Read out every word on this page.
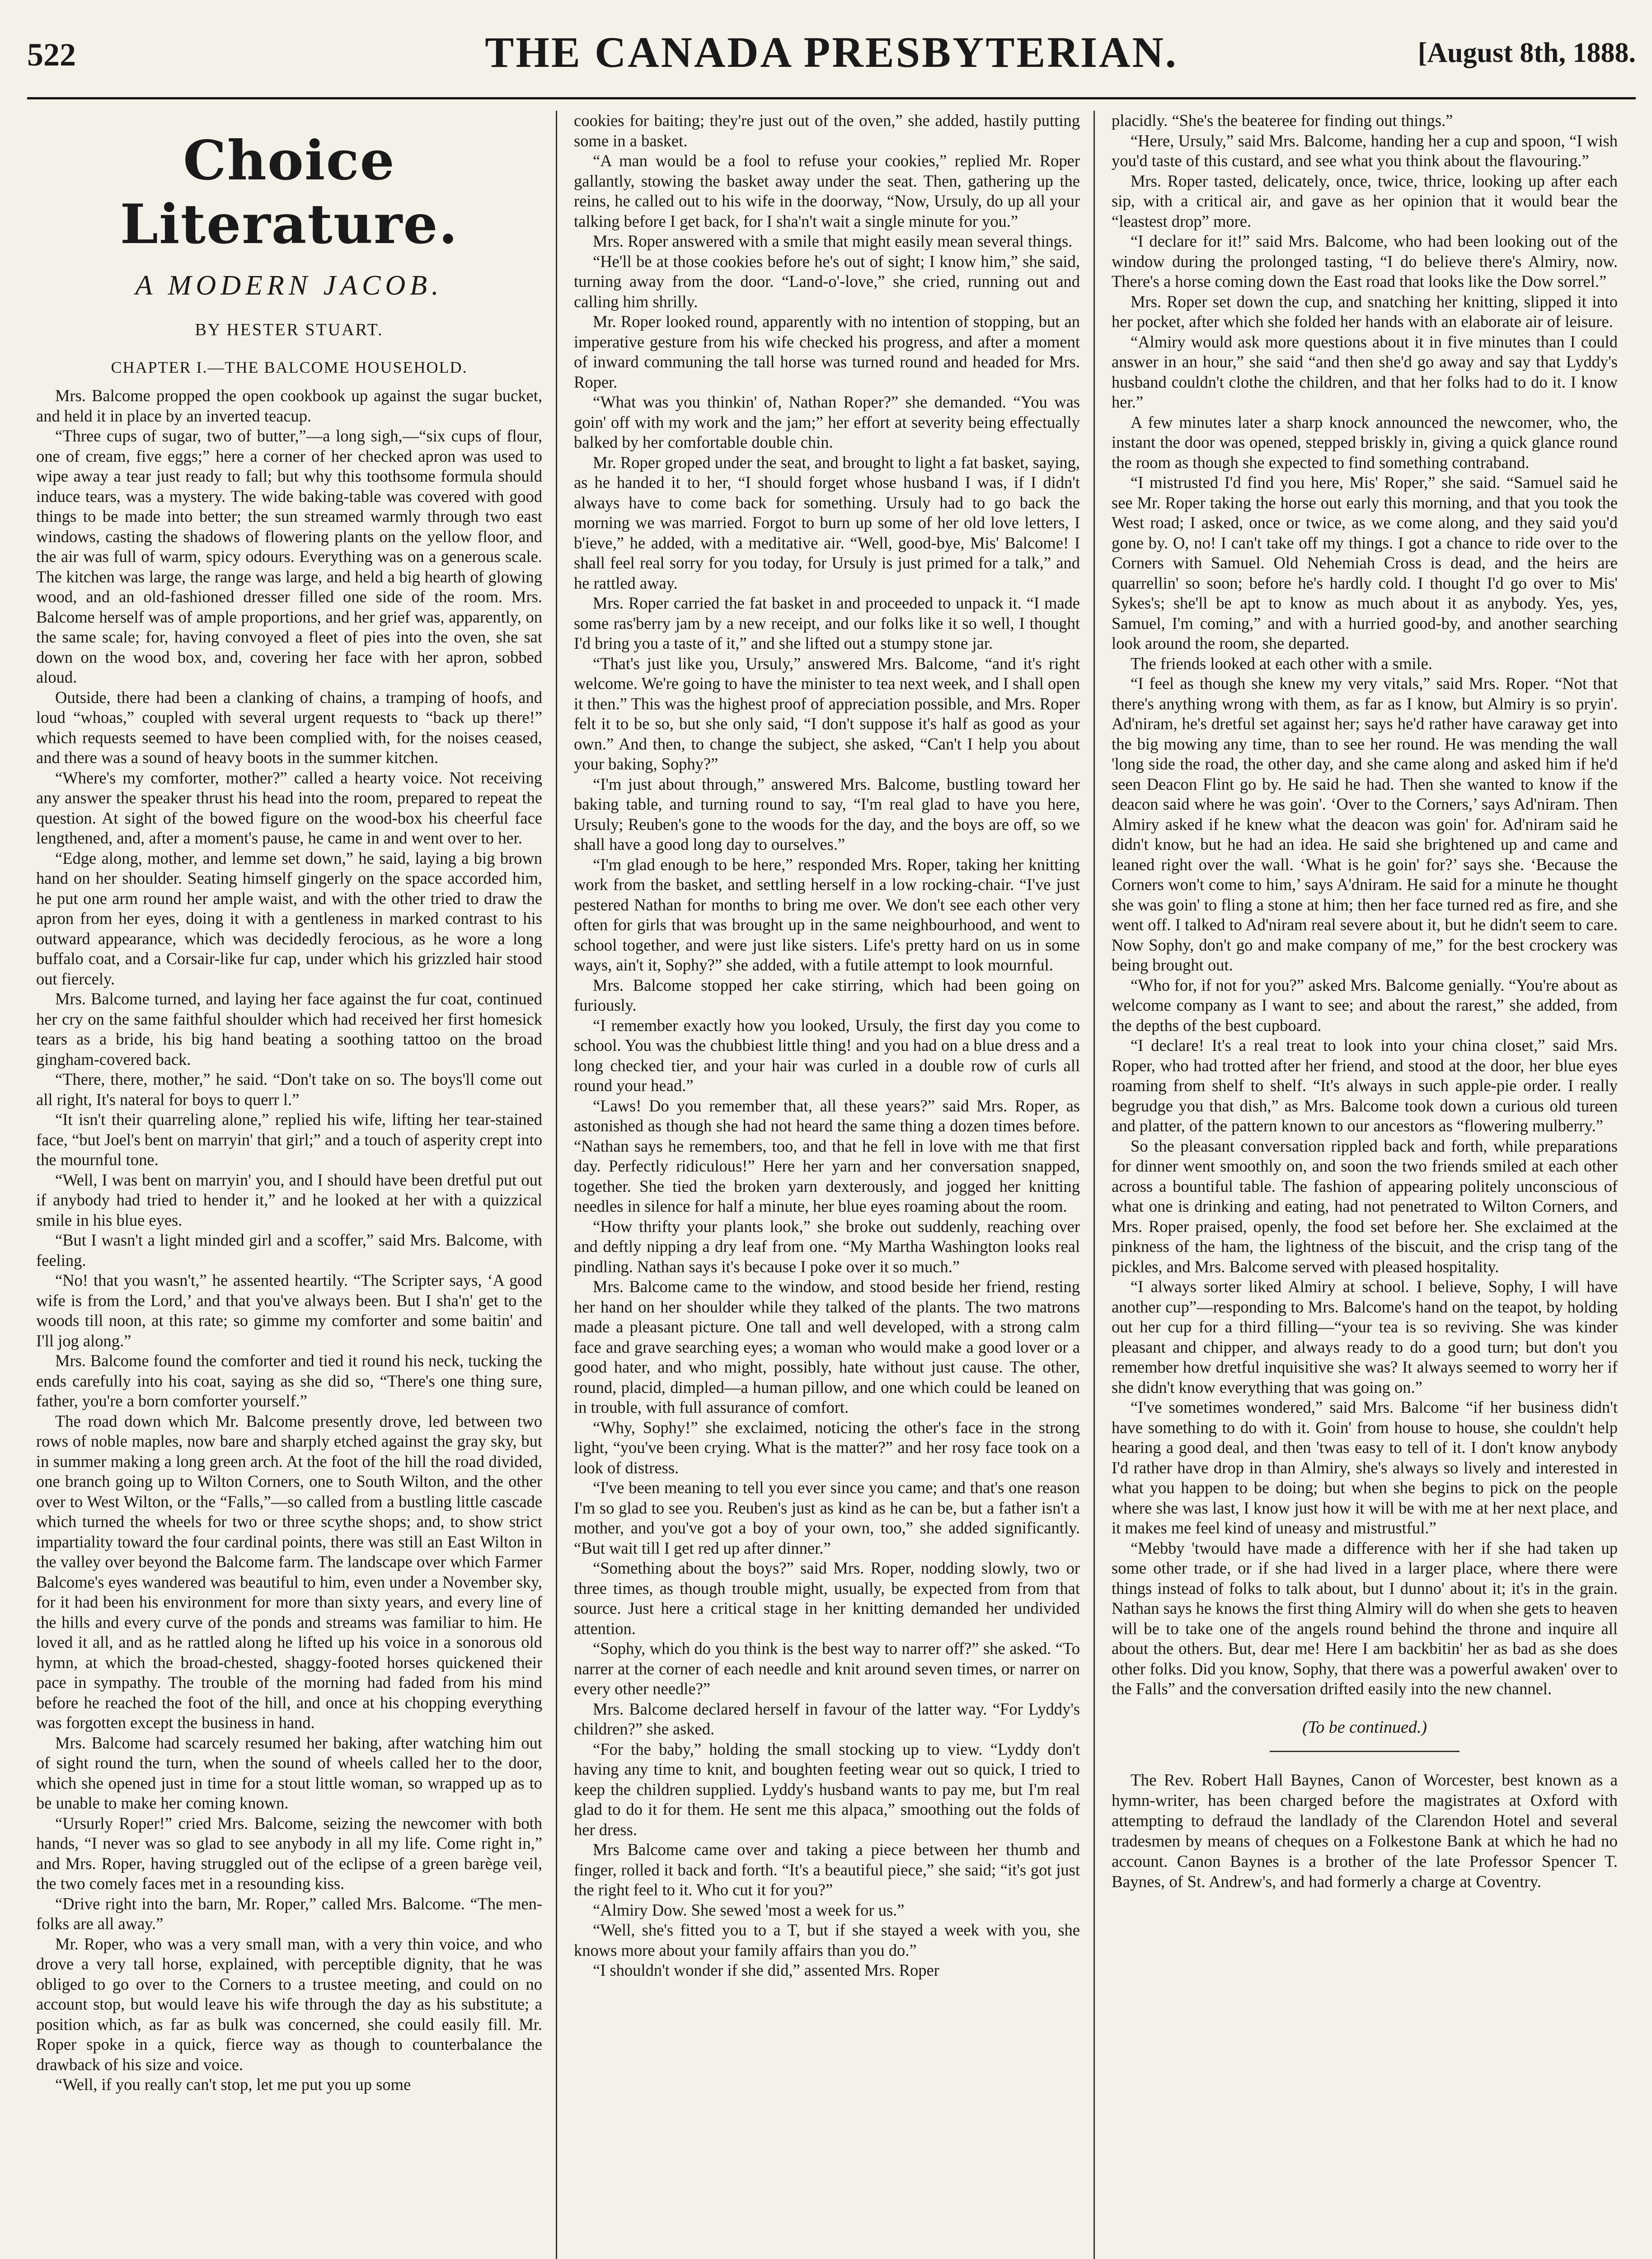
522	THE CANADA PRESBYTERIAN.	[August 8th, 1888.
Choice Literature.
A MODERN JACOB.
BY HESTER STUART.
CHAPTER I.—THE BALCOME HOUSEHOLD.

Mrs. Balcome propped the open cookbook up against the sugar bucket, and held it in place by an inverted teacup.

“Three cups of sugar, two of butter,”—a long sigh,—“six cups of flour, one of cream, five eggs;” here a corner of her checked apron was used to wipe away a tear just ready to fall; but why this toothsome formula should induce tears, was a mystery. The wide baking-table was covered with good things to be made into better; the sun streamed warmly through two east windows, casting the shadows of flowering plants on the yellow floor, and the air was full of warm, spicy odours. Everything was on a generous scale. The kitchen was large, the range was large, and held a big hearth of glowing wood, and an old-fashioned dresser filled one side of the room. Mrs. Balcome herself was of ample proportions, and her grief was, apparently, on the same scale; for, having convoyed a fleet of pies into the oven, she sat down on the wood box, and, covering her face with her apron, sobbed aloud.

Outside, there had been a clanking of chains, a tramping of hoofs, and loud “whoas,” coupled with several urgent requests to “back up there!” which requests seemed to have been complied with, for the noises ceased, and there was a sound of heavy boots in the summer kitchen.

“Where's my comforter, mother?” called a hearty voice. Not receiving any answer the speaker thrust his head into the room, prepared to repeat the question. At sight of the bowed figure on the wood-box his cheerful face lengthened, and, after a moment's pause, he came in and went over to her.

“Edge along, mother, and lemme set down,” he said, laying a big brown hand on her shoulder. Seating himself gingerly on the space accorded him, he put one arm round her ample waist, and with the other tried to draw the apron from her eyes, doing it with a gentleness in marked contrast to his outward appearance, which was decidedly ferocious, as he wore a long buffalo coat, and a Corsair-like fur cap, under which his grizzled hair stood out fiercely.

Mrs. Balcome turned, and laying her face against the fur coat, continued her cry on the same faithful shoulder which had received her first homesick tears as a bride, his big hand beating a soothing tattoo on the broad gingham-covered back.

“There, there, mother,” he said. “Don't take on so. The boys'll come out all right, It's nateral for boys to querr l.”

“It isn't their quarreling alone,” replied his wife, lifting her tear-stained face, “but Joel's bent on marryin' that girl;” and a touch of asperity crept into the mournful tone.

“Well, I was bent on marryin' you, and I should have been dretful put out if anybody had tried to hender it,” and he looked at her with a quizzical smile in his blue eyes.

“But I wasn't a light minded girl and a scoffer,” said Mrs. Balcome, with feeling.

“No! that you wasn't,” he assented heartily. “The Scripter says, ‘A good wife is from the Lord,’ and that you've always been. But I sha'n' get to the woods till noon, at this rate; so gimme my comforter and some baitin' and I'll jog along.”

Mrs. Balcome found the comforter and tied it round his neck, tucking the ends carefully into his coat, saying as she did so, “There's one thing sure, father, you're a born comforter yourself.”

The road down which Mr. Balcome presently drove, led between two rows of noble maples, now bare and sharply etched against the gray sky, but in summer making a long green arch. At the foot of the hill the road divided, one branch going up to Wilton Corners, one to South Wilton, and the other over to West Wilton, or the “Falls,”—so called from a bustling little cascade which turned the wheels for two or three scythe shops; and, to show strict impartiality toward the four cardinal points, there was still an East Wilton in the valley over beyond the Balcome farm. The landscape over which Farmer Balcome's eyes wandered was beautiful to him, even under a November sky, for it had been his environment for more than sixty years, and every line of the hills and every curve of the ponds and streams was familiar to him. He loved it all, and as he rattled along he lifted up his voice in a sonorous old hymn, at which the broad-chested, shaggy-footed horses quickened their pace in sympathy. The trouble of the morning had faded from his mind before he reached the foot of the hill, and once at his chopping everything was forgotten except the business in hand.

Mrs. Balcome had scarcely resumed her baking, after watching him out of sight round the turn, when the sound of wheels called her to the door, which she opened just in time for a stout little woman, so wrapped up as to be unable to make her coming known.

“Ursurly Roper!” cried Mrs. Balcome, seizing the newcomer with both hands, “I never was so glad to see anybody in all my life. Come right in,” and Mrs. Roper, having struggled out of the eclipse of a green barège veil, the two comely faces met in a resounding kiss.

“Drive right into the barn, Mr. Roper,” called Mrs. Balcome. “The men-folks are all away.”

Mr. Roper, who was a very small man, with a very thin voice, and who drove a very tall horse, explained, with perceptible dignity, that he was obliged to go over to the Corners to a trustee meeting, and could on no account stop, but would leave his wife through the day as his substitute; a position which, as far as bulk was concerned, she could easily fill. Mr. Roper spoke in a quick, fierce way as though to counterbalance the drawback of his size and voice.

“Well, if you really can't stop, let me put you up some

cookies for baiting; they're just out of the oven,” she added, hastily putting some in a basket.

“A man would be a fool to refuse your cookies,” replied Mr. Roper gallantly, stowing the basket away under the seat. Then, gathering up the reins, he called out to his wife in the doorway, “Now, Ursuly, do up all your talking before I get back, for I sha'n't wait a single minute for you.”

Mrs. Roper answered with a smile that might easily mean several things.

“He'll be at those cookies before he's out of sight; I know him,” she said, turning away from the door. “Land-o'-love,” she cried, running out and calling him shrilly.

Mr. Roper looked round, apparently with no intention of stopping, but an imperative gesture from his wife checked his progress, and after a moment of inward communing the tall horse was turned round and headed for Mrs. Roper.

“What was you thinkin' of, Nathan Roper?” she demanded. “You was goin' off with my work and the jam;” her effort at severity being effectually balked by her comfortable double chin.

Mr. Roper groped under the seat, and brought to light a fat basket, saying, as he handed it to her, “I should forget whose husband I was, if I didn't always have to come back for something. Ursuly had to go back the morning we was married. Forgot to burn up some of her old love letters, I b'ieve,” he added, with a meditative air. “Well, good-bye, Mis' Balcome! I shall feel real sorry for you today, for Ursuly is just primed for a talk,” and he rattled away.

Mrs. Roper carried the fat basket in and proceeded to unpack it. “I made some ras'berry jam by a new receipt, and our folks like it so well, I thought I'd bring you a taste of it,” and she lifted out a stumpy stone jar.

“That's just like you, Ursuly,” answered Mrs. Balcome, “and it's right welcome. We're going to have the minister to tea next week, and I shall open it then.” This was the highest proof of appreciation possible, and Mrs. Roper felt it to be so, but she only said, “I don't suppose it's half as good as your own.” And then, to change the subject, she asked, “Can't I help you about your baking, Sophy?”

“I'm just about through,” answered Mrs. Balcome, bustling toward her baking table, and turning round to say, “I'm real glad to have you here, Ursuly; Reuben's gone to the woods for the day, and the boys are off, so we shall have a good long day to ourselves.”

“I'm glad enough to be here,” responded Mrs. Roper, taking her knitting work from the basket, and settling herself in a low rocking-chair. “I've just pestered Nathan for months to bring me over. We don't see each other very often for girls that was brought up in the same neighbourhood, and went to school together, and were just like sisters. Life's pretty hard on us in some ways, ain't it, Sophy?” she added, with a futile attempt to look mournful.

Mrs. Balcome stopped her cake stirring, which had been going on furiously.

“I remember exactly how you looked, Ursuly, the first day you come to school. You was the chubbiest little thing! and you had on a blue dress and a long checked tier, and your hair was curled in a double row of curls all round your head.”

“Laws! Do you remember that, all these years?” said Mrs. Roper, as astonished as though she had not heard the same thing a dozen times before. “Nathan says he remembers, too, and that he fell in love with me that first day. Perfectly ridiculous!” Here her yarn and her conversation snapped, together. She tied the broken yarn dexterously, and jogged her knitting needles in silence for half a minute, her blue eyes roaming about the room.

“How thrifty your plants look,” she broke out suddenly, reaching over and deftly nipping a dry leaf from one. “My Martha Washington looks real pindling. Nathan says it's because I poke over it so much.”

Mrs. Balcome came to the window, and stood beside her friend, resting her hand on her shoulder while they talked of the plants. The two matrons made a pleasant picture. One tall and well developed, with a strong calm face and grave searching eyes; a woman who would make a good lover or a good hater, and who might, possibly, hate without just cause. The other, round, placid, dimpled—a human pillow, and one which could be leaned on in trouble, with full assurance of comfort.

“Why, Sophy!” she exclaimed, noticing the other's face in the strong light, “you've been crying. What is the matter?” and her rosy face took on a look of distress.

“I've been meaning to tell you ever since you came; and that's one reason I'm so glad to see you. Reuben's just as kind as he can be, but a father isn't a mother, and you've got a boy of your own, too,” she added significantly. “But wait till I get red up after dinner.”

“Something about the boys?” said Mrs. Roper, nodding slowly, two or three times, as though trouble might, usually, be expected from from that source. Just here a critical stage in her knitting demanded her undivided attention.

“Sophy, which do you think is the best way to narrer off?” she asked. “To narrer at the corner of each needle and knit around seven times, or narrer on every other needle?”

Mrs. Balcome declared herself in favour of the latter way. “For Lyddy's children?” she asked.

“For the baby,” holding the small stocking up to view. “Lyddy don't having any time to knit, and boughten feeting wear out so quick, I tried to keep the children supplied. Lyddy's husband wants to pay me, but I'm real glad to do it for them. He sent me this alpaca,” smoothing out the folds of her dress.

Mrs Balcome came over and taking a piece between her thumb and finger, rolled it back and forth. “It's a beautiful piece,” she said; “it's got just the right feel to it. Who cut it for you?”

“Almiry Dow. She sewed 'most a week for us.”

“Well, she's fitted you to a T, but if she stayed a week with you, she knows more about your family affairs than you do.”

“I shouldn't wonder if she did,” assented Mrs. Roper

placidly. “She's the beateree for finding out things.”

“Here, Ursuly,” said Mrs. Balcome, handing her a cup and spoon, “I wish you'd taste of this custard, and see what you think about the flavouring.”

Mrs. Roper tasted, delicately, once, twice, thrice, looking up after each sip, with a critical air, and gave as her opinion that it would bear the “leastest drop” more.

“I declare for it!” said Mrs. Balcome, who had been looking out of the window during the prolonged tasting, “I do believe there's Almiry, now. There's a horse coming down the East road that looks like the Dow sorrel.”

Mrs. Roper set down the cup, and snatching her knitting, slipped it into her pocket, after which she folded her hands with an elaborate air of leisure.

“Almiry would ask more questions about it in five minutes than I could answer in an hour,” she said “and then she'd go away and say that Lyddy's husband couldn't clothe the children, and that her folks had to do it. I know her.”

A few minutes later a sharp knock announced the newcomer, who, the instant the door was opened, stepped briskly in, giving a quick glance round the room as though she expected to find something contraband.

“I mistrusted I'd find you here, Mis' Roper,” she said. “Samuel said he see Mr. Roper taking the horse out early this morning, and that you took the West road; I asked, once or twice, as we come along, and they said you'd gone by. O, no! I can't take off my things. I got a chance to ride over to the Corners with Samuel. Old Nehemiah Cross is dead, and the heirs are quarrellin' so soon; before he's hardly cold. I thought I'd go over to Mis' Sykes's; she'll be apt to know as much about it as anybody. Yes, yes, Samuel, I'm coming,” and with a hurried good-by, and another searching look around the room, she departed.

The friends looked at each other with a smile.

“I feel as though she knew my very vitals,” said Mrs. Roper. “Not that there's anything wrong with them, as far as I know, but Almiry is so pryin'. Ad'niram, he's dretful set against her; says he'd rather have caraway get into the big mowing any time, than to see her round. He was mending the wall 'long side the road, the other day, and she came along and asked him if he'd seen Deacon Flint go by. He said he had. Then she wanted to know if the deacon said where he was goin'. ‘Over to the Corners,’ says Ad'niram. Then Almiry asked if he knew what the deacon was goin' for. Ad'niram said he didn't know, but he had an idea. He said she brightened up and came and leaned right over the wall. ‘What is he goin' for?’ says she. ‘Because the Corners won't come to him,’ says A'dniram. He said for a minute he thought she was goin' to fling a stone at him; then her face turned red as fire, and she went off. I talked to Ad'niram real severe about it, but he didn't seem to care. Now Sophy, don't go and make company of me,” for the best crockery was being brought out.

“Who for, if not for you?” asked Mrs. Balcome genially. “You're about as welcome company as I want to see; and about the rarest,” she added, from the depths of the best cupboard.

“I declare! It's a real treat to look into your china closet,” said Mrs. Roper, who had trotted after her friend, and stood at the door, her blue eyes roaming from shelf to shelf. “It's always in such apple-pie order. I really begrudge you that dish,” as Mrs. Balcome took down a curious old tureen and platter, of the pattern known to our ancestors as “flowering mulberry.”

So the pleasant conversation rippled back and forth, while preparations for dinner went smoothly on, and soon the two friends smiled at each other across a bountiful table. The fashion of appearing politely unconscious of what one is drinking and eating, had not penetrated to Wilton Corners, and Mrs. Roper praised, openly, the food set before her. She exclaimed at the pinkness of the ham, the lightness of the biscuit, and the crisp tang of the pickles, and Mrs. Balcome served with pleased hospitality.

“I always sorter liked Almiry at school. I believe, Sophy, I will have another cup”—responding to Mrs. Balcome's hand on the teapot, by holding out her cup for a third filling—“your tea is so reviving. She was kinder pleasant and chipper, and always ready to do a good turn; but don't you remember how dretful inquisitive she was? It always seemed to worry her if she didn't know everything that was going on.”

“I've sometimes wondered,” said Mrs. Balcome “if her business didn't have something to do with it. Goin' from house to house, she couldn't help hearing a good deal, and then 'twas easy to tell of it. I don't know anybody I'd rather have drop in than Almiry, she's always so lively and interested in what you happen to be doing; but when she begins to pick on the people where she was last, I know just how it will be with me at her next place, and it makes me feel kind of uneasy and mistrustful.”

“Mebby 'twould have made a difference with her if she had taken up some other trade, or if she had lived in a larger place, where there were things instead of folks to talk about, but I dunno' about it; it's in the grain. Nathan says he knows the first thing Almiry will do when she gets to heaven will be to take one of the angels round behind the throne and inquire all about the others. But, dear me! Here I am backbitin' her as bad as she does other folks. Did you know, Sophy, that there was a powerful awaken' over to the Falls” and the conversation drifted easily into the new channel.

(To be continued.)

The Rev. Robert Hall Baynes, Canon of Worcester, best known as a hymn-writer, has been charged before the magistrates at Oxford with attempting to defraud the landlady of the Clarendon Hotel and several tradesmen by means of cheques on a Folkestone Bank at which he had no account. Canon Baynes is a brother of the late Professor Spencer T. Baynes, of St. Andrew's, and had formerly a charge at Coventry.
